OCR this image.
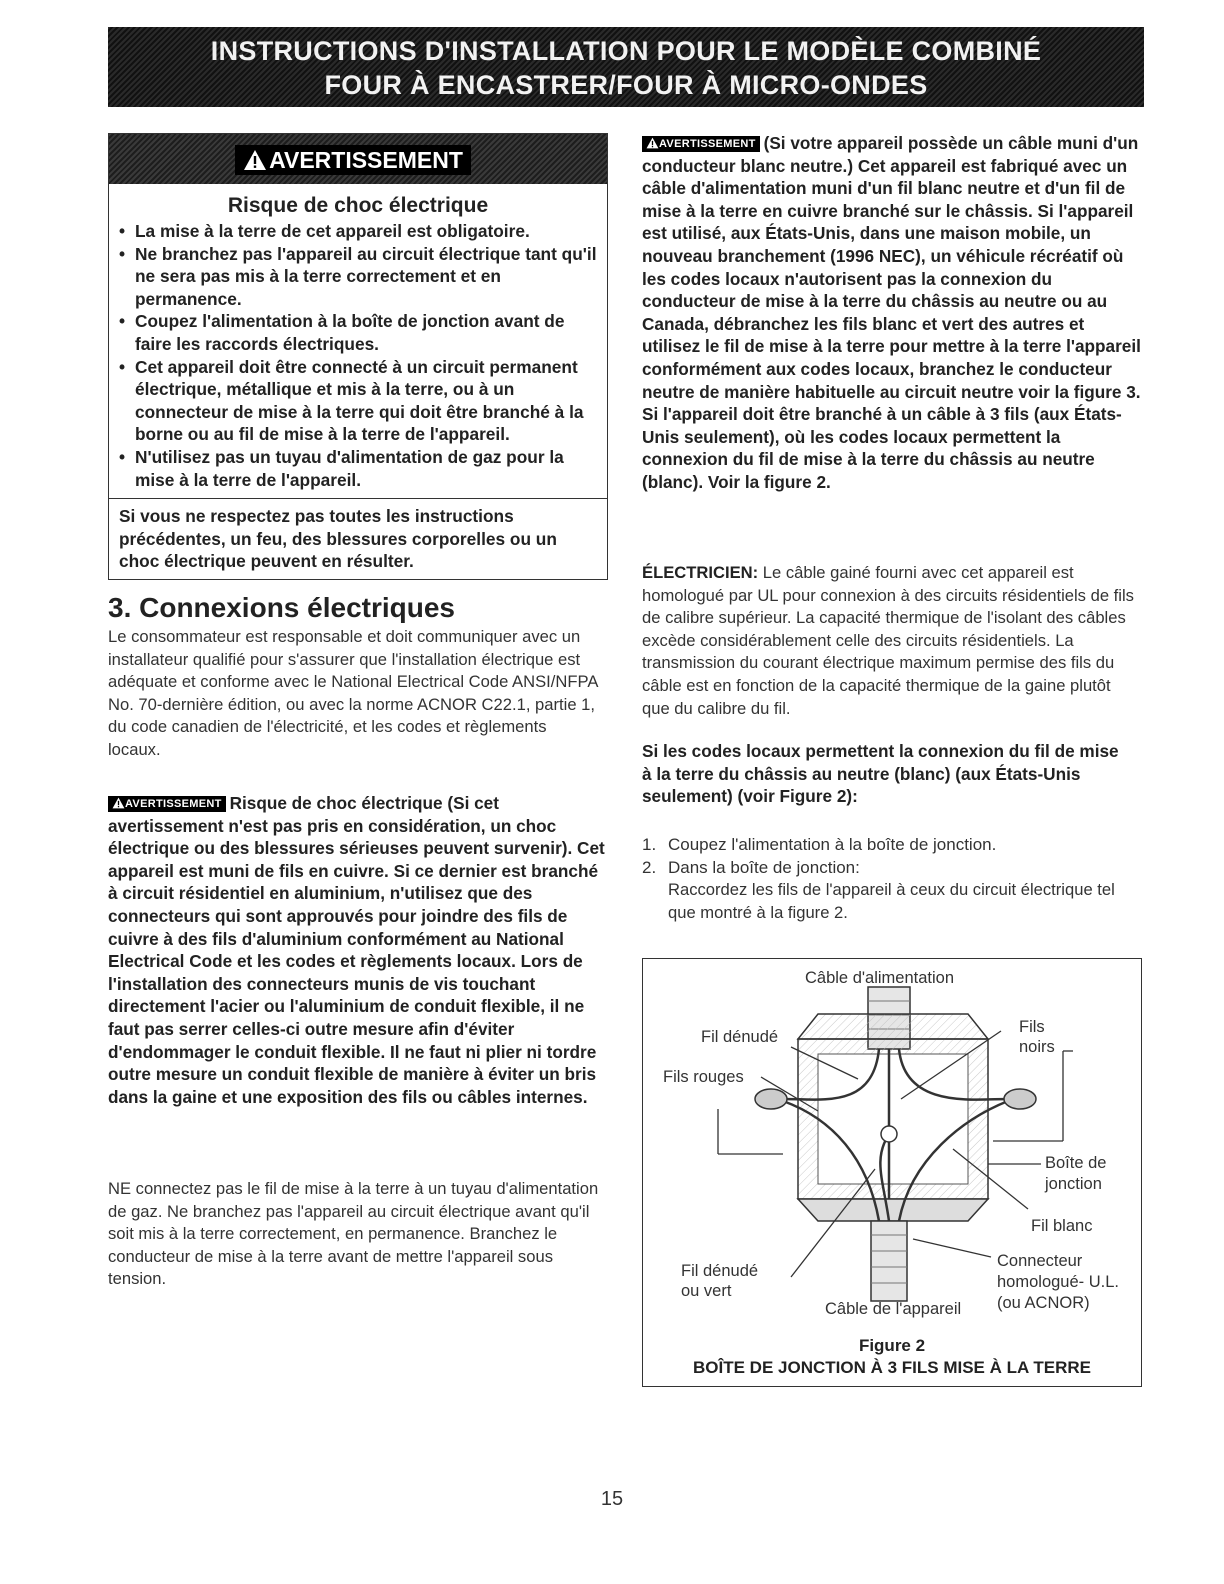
INSTRUCTIONS D'INSTALLATION POUR LE MODÈLE COMBINÉ
FOUR À ENCASTRER/FOUR À MICRO-ONDES
AVERTISSEMENT
Risque de choc électrique
• La mise à la terre de cet appareil est obligatoire.
• Ne branchez pas l'appareil au circuit électrique tant qu'il ne sera pas mis à la terre correctement et en permanence.
• Coupez l'alimentation à la boîte de jonction avant de faire les raccords électriques.
• Cet appareil doit être connecté à un circuit permanent électrique, métallique et mis à la terre, ou à un connecteur de mise à la terre qui doit être branché à la borne ou au fil de mise à la terre de l'appareil.
• N'utilisez pas un tuyau d'alimentation de gaz pour la mise à la terre de l'appareil.
Si vous ne respectez pas toutes les instructions précédentes, un feu, des blessures corporelles ou un choc électrique peuvent en résulter.
3. Connexions électriques
Le consommateur est responsable et doit communiquer avec un installateur qualifié pour s'assurer que l'installation électrique est adéquate et conforme avec le National Electrical Code ANSI/NFPA No. 70-dernière édition, ou avec la norme ACNOR C22.1, partie 1, du code canadien de l'électricité, et les codes et règlements locaux.
AVERTISSEMENT Risque de choc électrique (Si cet avertissement n'est pas pris en considération, un choc électrique ou des blessures sérieuses peuvent survenir). Cet appareil est muni de fils en cuivre. Si ce dernier est branché à circuit résidentiel en aluminium, n'utilisez que des connecteurs qui sont approuvés pour joindre des fils de cuivre à des fils d'aluminium conformément au National Electrical Code et les codes et règlements locaux. Lors de l'installation des connecteurs munis de vis touchant directement l'acier ou l'aluminium de conduit flexible, il ne faut pas serrer celles-ci outre mesure afin d'éviter d'endommager le conduit flexible. Il ne faut ni plier ni tordre outre mesure un conduit flexible de manière à éviter un bris dans la gaine et une exposition des fils ou câbles internes.
NE connectez pas le fil de mise à la terre à un tuyau d'alimentation de gaz. Ne branchez pas l'appareil au circuit électrique avant qu'il soit mis à la terre correctement, en permanence. Branchez le conducteur de mise à la terre avant de mettre l'appareil sous tension.
AVERTISSEMENT (Si votre appareil possède un câble muni d'un conducteur blanc neutre.) Cet appareil est fabriqué avec un câble d'alimentation muni d'un fil blanc neutre et d'un fil de mise à la terre en cuivre branché sur le châssis. Si l'appareil est utilisé, aux États-Unis, dans une maison mobile, un nouveau branchement (1996 NEC), un véhicule récréatif où les codes locaux n'autorisent pas la connexion du conducteur de mise à la terre du châssis au neutre ou au Canada, débranchez les fils blanc et vert des autres et utilisez le fil de mise à la terre pour mettre à la terre l'appareil conformément aux codes locaux, branchez le conducteur neutre de manière habituelle au circuit neutre voir la figure 3. Si l'appareil doit être branché à un câble à 3 fils (aux États-Unis seulement), où les codes locaux permettent la connexion du fil de mise à la terre du châssis au neutre (blanc). Voir la figure 2.
ÉLECTRICIEN: Le câble gainé fourni avec cet appareil est homologué par UL pour connexion à des circuits résidentiels de fils de calibre supérieur. La capacité thermique de l'isolant des câbles excède considérablement celle des circuits résidentiels. La transmission du courant électrique maximum permise des fils du câble est en fonction de la capacité thermique de la gaine plutôt que du calibre du fil.
Si les codes locaux permettent la connexion du fil de mise à la terre du châssis au neutre (blanc) (aux États-Unis seulement) (voir Figure 2):
1. Coupez l'alimentation à la boîte de jonction.
2. Dans la boîte de jonction:
Raccordez les fils de l'appareil à ceux du circuit électrique tel que montré à la figure 2.
Câble d'alimentation
Fil dénudé
Fils rouges
Fils
noirs
Boîte de
jonction
Fil blanc
Fil dénudé
ou vert
Connecteur
homologué- U.L.
(ou ACNOR)
Câble de l'appareil
Figure 2
BOÎTE DE JONCTION À 3 FILS MISE À LA TERRE
15
